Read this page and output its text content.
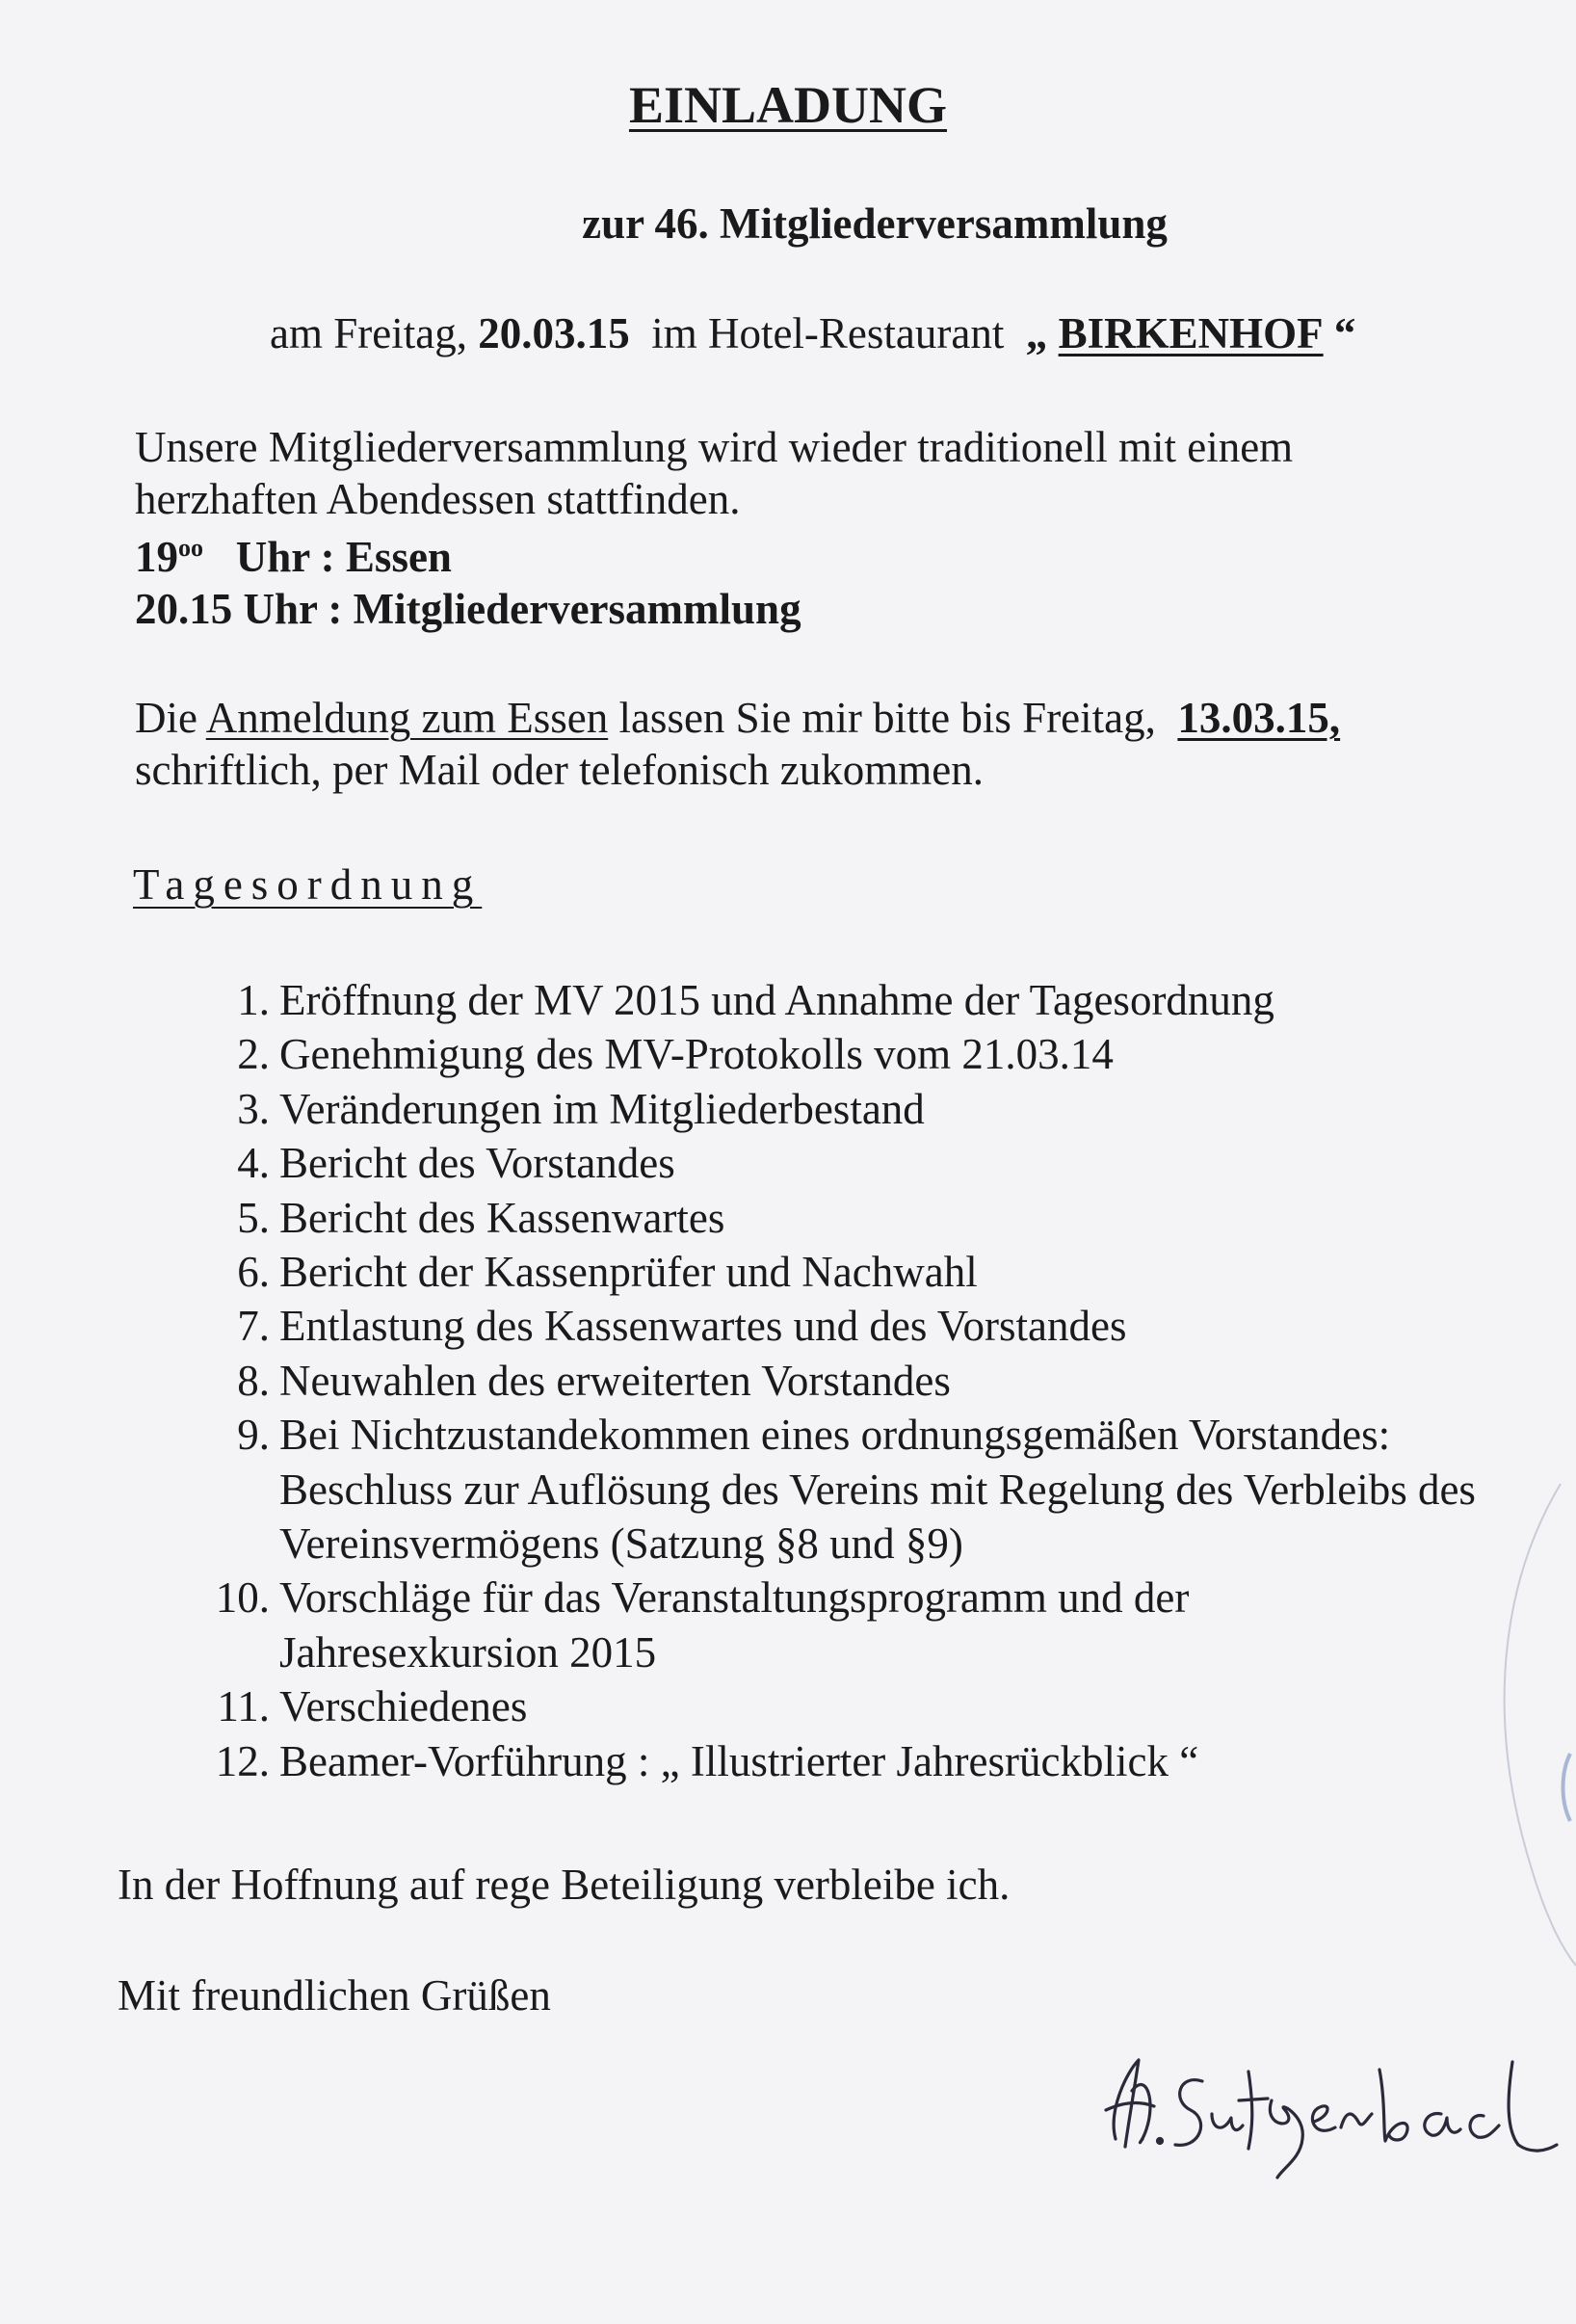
EINLADUNG
zur 46. Mitgliederversammlung
am Freitag, 20.03.15 im Hotel-Restaurant „ BIRKENHOF “
Unsere Mitgliederversammlung wird wieder traditionell mit einem
herzhaften Abendessen stattfinden.
$19^{oo}$ Uhr : Essen
20.15 Uhr : Mitgliederversammlung
Die Anmeldung zum Essen lassen Sie mir bitte bis Freitag, 13.03.15,
schriftlich, per Mail oder telefonisch zukommen.
Tagesordnung
1. Eröffnung der MV 2015 und Annahme der Tagesordnung
2. Genehmigung des MV-Protokolls vom 21.03.14
3. Veränderungen im Mitgliederbestand
4. Bericht des Vorstandes
5. Bericht des Kassenwartes
6. Bericht der Kassenprüfer und Nachwahl
7. Entlastung des Kassenwartes und des Vorstandes
8. Neuwahlen des erweiterten Vorstandes
9. Bei Nichtzustandekommen eines ordnungsgemäßen Vorstandes: Beschluss zur Auflösung des Vereins mit Regelung des Verbleibs des Vereinsvermögens (Satzung §8 und §9)
10. Vorschläge für das Veranstaltungsprogramm und der Jahresexkursion 2015
11. Verschiedenes
12. Beamer-Vorführung : „ Illustrierter Jahresrückblick “
In der Hoffnung auf rege Beteiligung verbleibe ich.
Mit freundlichen Grüßen
